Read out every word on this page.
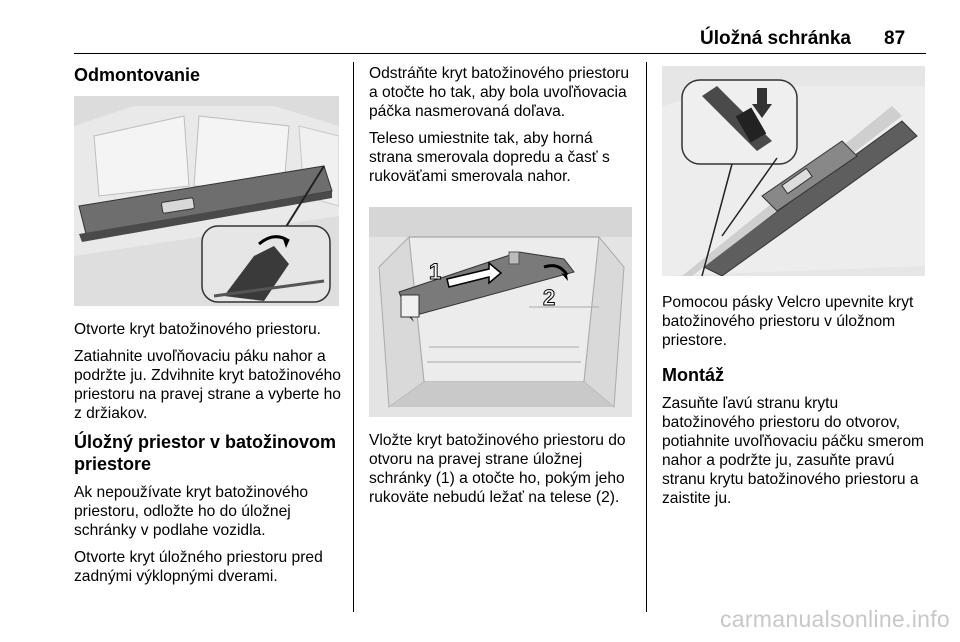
Úložná schránka 87
Odmontovanie

Otvorte kryt batožinového priestoru.

Zatiahnite uvoľňovaciu páku nahor a podržte ju. Zdvihnite kryt batožinového priestoru na pravej strane a vyberte ho z držiakov.

Úložný priestor v batožinovom priestore

Ak nepoužívate kryt batožinového priestoru, odložte ho do úložnej schránky v podlahe vozidla.

Otvorte kryt úložného priestoru pred zadnými výklopnými dverami.

Odstráňte kryt batožinového priestoru a otočte ho tak, aby bola uvoľňovacia páčka nasmerovaná doľava.

Teleso umiestnite tak, aby horná strana smerovala dopredu a časť s rukoväťami smerovala nahor.

1
2

Vložte kryt batožinového priestoru do otvoru na pravej strane úložnej schránky (1) a otočte ho, pokým jeho rukoväte nebudú ležať na telese (2).

Pomocou pásky Velcro upevnite kryt batožinového priestoru v úložnom priestore.

Montáž

Zasuňte ľavú stranu krytu batožinového priestoru do otvorov, potiahnite uvoľňovaciu páčku smerom nahor a podržte ju, zasuňte pravú stranu krytu batožinového priestoru a zaistite ju.

carmanualsonline.info
